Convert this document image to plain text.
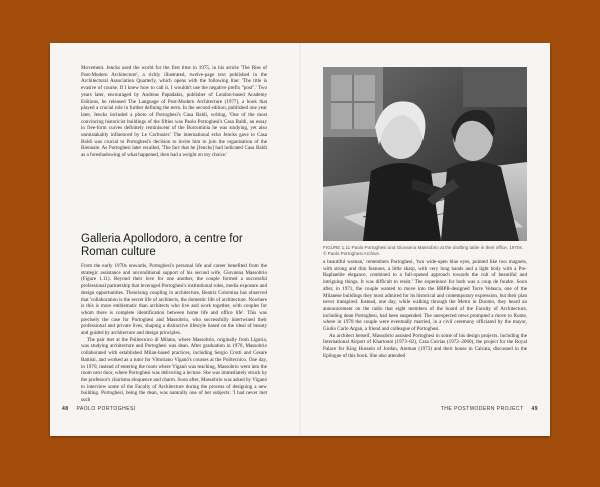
Movement. Jencks used the world for the first time in 1975, in his article 'The Rise of Post-Modern Architecture', a richly illustrated, twelve-page text published in the Architectural Association Quarterly, which opens with the following line: 'The title is evasive of course. If I knew how to call it, I wouldn't use the negative prefix "post".' Two years later, encouraged by Andreas Papadakis, publisher of London-based Academy Editions, he released The Language of Post-Modern Architecture (1977), a book that played a crucial role in further defining the term. In the second edition, published one year later, Jencks included a photo of Portoghesi's Casa Baldi, writing, 'One of the most convincing historicist buildings of the fifties was Paolo Portoghesi's Casa Baldi, an essay in free-form curves definitely reminiscent of the Borrominia he was studying, yet also unmistakably influenced by Le Corbusier.' The international echo Jencks gave to Casa Baldi was crucial to Portoghesi's decision to invite him to join the organisation of the Biennale. As Portoghesi later recalled, 'The fact that he [Jencks] had indicated Casa Baldi as a foreshadowing of what happened, then had a weight on my choice.'

Galleria Apollodoro, a centre for Roman culture

From the early 1970s onwards, Portoghesi's personal life and career benefited from the strategic assistance and unconditional support of his second wife, Giovanna Massobrio (Figure 1.11). Beyond their love for one another, the couple formed a successful professional partnership that leveraged Portoghesi's institutional roles, media exposure and design opportunities. Theorising coupling in architecture, Beatriz Colomina has observed that 'collaboration is the secret life of architects, the domestic life of architecture. Nowhere is this is more emblematic than architects who live and work together, with couples for whom there is complete identification between home life and office life'. This was precisely the case for Portoghesi and Massobrio, who successfully intertwined their professional and private lives, shaping a distinctive lifestyle based on the ideal of beauty and guided by architecture and design principles.

The pair met at the Politecnico di Milano, where Massobrio, originally from Liguria, was studying architecture and Portoghesi was dean. After graduation in 1970, Massobrio collaborated with established Milan-based practices, including Sergio Crotti and Cesare Battisti, and worked as a tutor for Vittoriano Viganò's courses at the Politecnico. One day, in 1970, instead of entering the room where Viganò was teaching, Massobrio went into the room next door, where Portoghesi was delivering a lecture. She was immediately struck by the professor's charisma eloquence and charm. Soon after, Massobrio was asked by Viganò to interview some of the Faculty of Architecture during the process of designing a new building. Portoghesi, being the dean, was naturally one of her subjects: 'I had never met such

48 PAOLO PORTOGHESI
FIGURE 1.11 Paolo Portoghesi and Giovanna Massobrio at the drafting table in their office, 1970s. © Paolo Portoghesi Archive.

a beautiful woman,' remembers Portoghesi, 'two wide-open blue eyes, pointed like two magnets, with strong and thin features, a little sharp, with very long hands and a light body with a Pre-Raphaelite elegance, combined to a full-opened approach towards the cult of beautiful and intriguing things. It was difficult to resist.' The experience for both was a coup de foudre. Soon after, in 1971, the couple wanted to move into the BBPR-designed Torre Velasca, one of the Milanese buildings they most admired for its historical and contemporary expression, but their plan never transpired. Instead, one day, while walking through the Metro in Duomo, they heard an announcement on the radio that eight members of the board of the Faculty of Architecture, including dean Portoghesi, had been suspended. The unexpected news prompted a move to Rome, where in 1978 the couple were eventually married, in a civil ceremony officiated by the mayor, Giulio Carlo Argan, a friend and colleague of Portoghesi.

An architect herself, Massobrio assisted Portoghesi in some of his design projects, including the International Airport of Khartoum (1973–82), Casa Corrias (1972–2000), the project for the Royal Palace for King Hussein of Jordan, Amman (1973) and their house in Calcata, discussed in the Epilogue of this book. She also attended

THE POSTMODERN PROJECT 49
